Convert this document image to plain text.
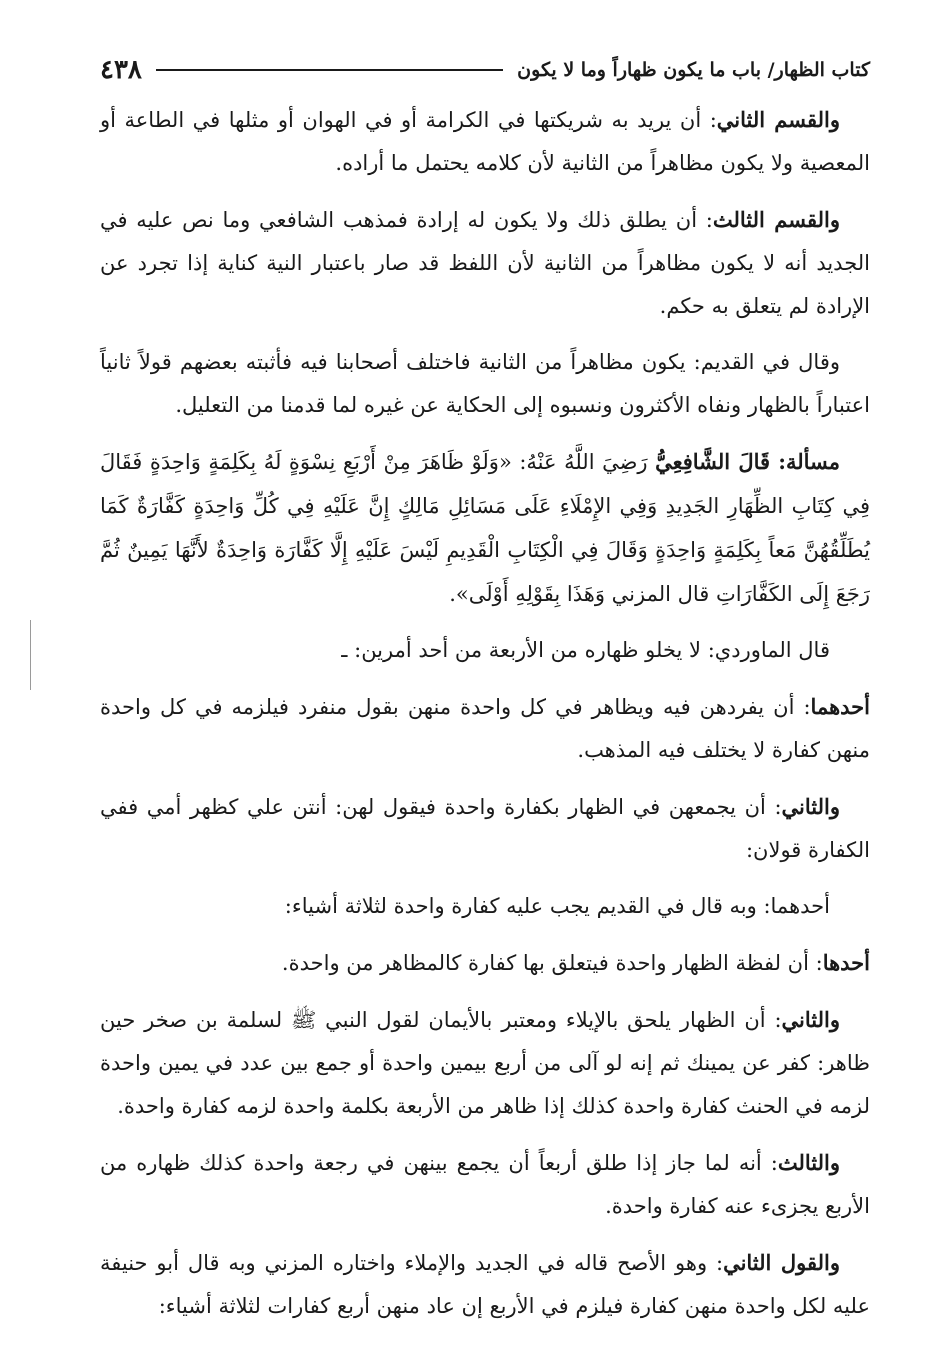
كتاب الظهار/ باب ما يكون ظهاراً وما لا يكون
٤٣٨

والقسم الثاني: أن يريد به شريكتها في الكرامة أو في الهوان أو مثلها في الطاعة أو المعصية ولا يكون مظاهراً من الثانية لأن كلامه يحتمل ما أراده.

والقسم الثالث: أن يطلق ذلك ولا يكون له إرادة فمذهب الشافعي وما نص عليه في الجديد أنه لا يكون مظاهراً من الثانية لأن اللفظ قد صار باعتبار النية كناية إذا تجرد عن الإرادة لم يتعلق به حكم.

وقال في القديم: يكون مظاهراً من الثانية فاختلف أصحابنا فيه فأثبته بعضهم قولاً ثانياً اعتباراً بالظهار ونفاه الأكثرون ونسبوه إلى الحكاية عن غيره لما قدمنا من التعليل.

مسألة: قَالَ الشَّافِعِيُّ رَضِيَ اللَّهُ عَنْهُ: «وَلَوْ ظَاهَرَ مِنْ أَرْبَعِ نِسْوَةٍ لَهُ بِكَلِمَةٍ وَاحِدَةٍ فَقَالَ فِي كِتَابِ الظِّهَارِ الجَدِيدِ وَفِي الإِمْلَاءِ عَلَى مَسَائِلِ مَالِكٍ إِنَّ عَلَيْهِ فِي كُلِّ وَاحِدَةٍ كَفَّارَةٌ كَمَا يُطَلِّقُهُنَّ مَعاً بِكَلِمَةٍ وَاحِدَةٍ وَقَالَ فِي الْكِتَابِ الْقَدِيمِ لَيْسَ عَلَيْهِ إِلَّا كَفَّارَة وَاحِدَةٌ لأَنَّهَا يَمِينٌ ثُمَّ رَجَعَ إِلَى الكَفَّارَاتِ قال المزني وَهَذَا بِقَوْلِهِ أَوْلَى».

قال الماوردي: لا يخلو ظهاره من الأربعة من أحد أمرين: ـ

أحدهما: أن يفردهن فيه ويظاهر في كل واحدة منهن بقول منفرد فيلزمه في كل واحدة منهن كفارة لا يختلف فيه المذهب.

والثاني: أن يجمعهن في الظهار بكفارة واحدة فيقول لهن: أنتن علي كظهر أمي ففي الكفارة قولان:

أحدهما: وبه قال في القديم يجب عليه كفارة واحدة لثلاثة أشياء:

أحدها: أن لفظة الظهار واحدة فيتعلق بها كفارة كالمظاهر من واحدة.

والثاني: أن الظهار يلحق بالإيلاء ومعتبر بالأيمان لقول النبي ﷺ لسلمة بن صخر حين ظاهر: كفر عن يمينك ثم إنه لو آلى من أربع بيمين واحدة أو جمع بين عدد في يمين واحدة لزمه في الحنث كفارة واحدة كذلك إذا ظاهر من الأربعة بكلمة واحدة لزمه كفارة واحدة.

والثالث: أنه لما جاز إذا طلق أربعاً أن يجمع بينهن في رجعة واحدة كذلك ظهاره من الأربع يجزىء عنه كفارة واحدة.

والقول الثاني: وهو الأصح قاله في الجديد والإملاء واختاره المزني وبه قال أبو حنيفة عليه لكل واحدة منهن كفارة فيلزم في الأربع إن عاد منهن أربع كفارات لثلاثة أشياء:
